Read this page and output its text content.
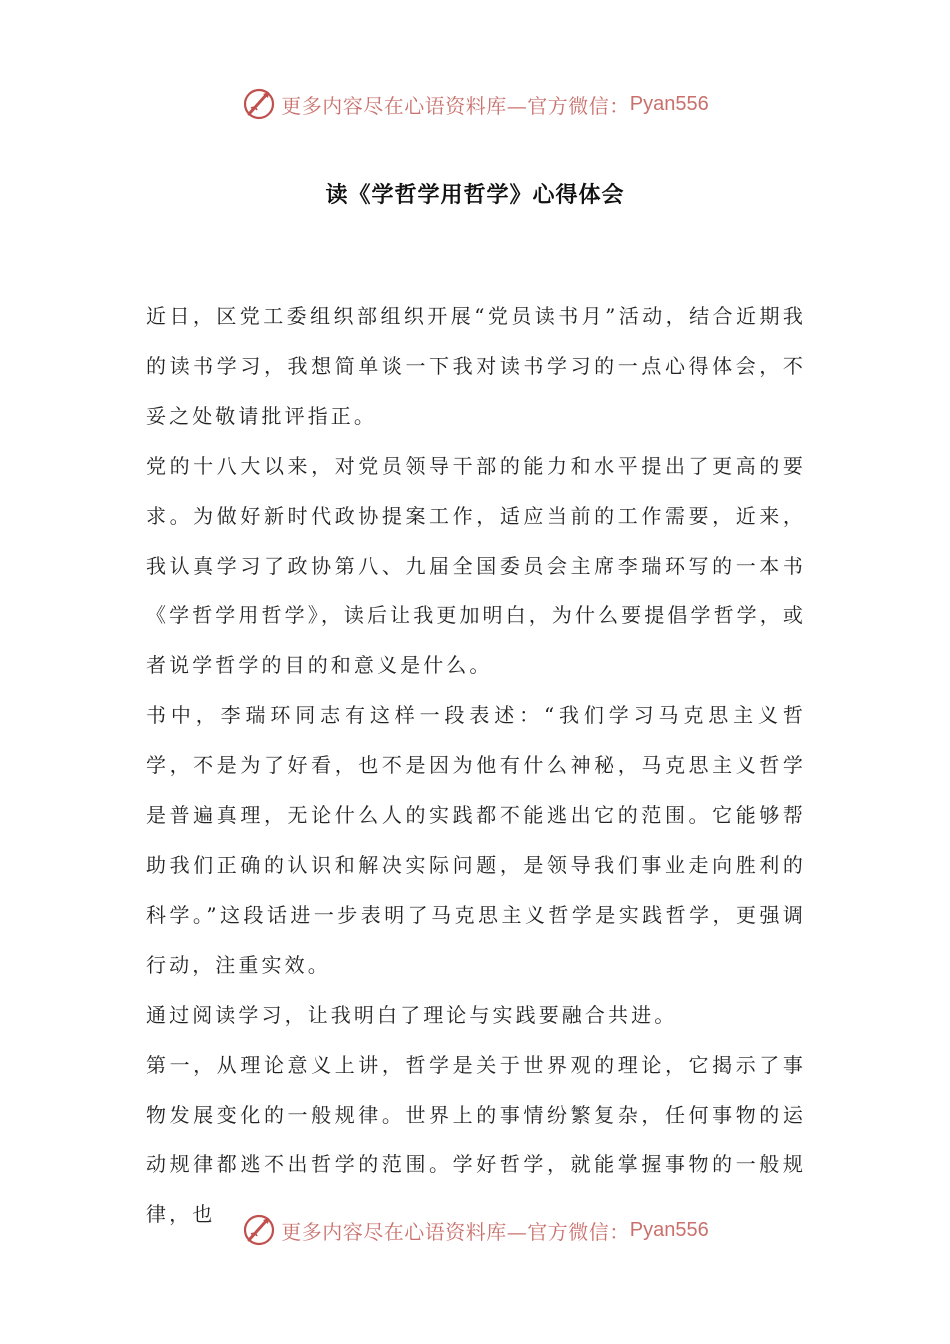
更多内容尽在心语资料库—官方微信： Pyan556
读《学哲学用哲学》心得体会

近日，区党工委组织部组织开展“党员读书月”活动，结合近期我的读书学习，我想简单谈一下我对读书学习的一点心得体会，不妥之处敬请批评指正。

党的十八大以来，对党员领导干部的能力和水平提出了更高的要求。为做好新时代政协提案工作，适应当前的工作需要，近来，我认真学习了政协第八、九届全国委员会主席李瑞环写的一本书《学哲学用哲学》，读后让我更加明白，为什么要提倡学哲学，或者说学哲学的目的和意义是什么。

书中，李瑞环同志有这样一段表述：“我们学习马克思主义哲学，不是为了好看，也不是因为他有什么神秘，马克思主义哲学是普遍真理，无论什么人的实践都不能逃出它的范围。它能够帮助我们正确的认识和解决实际问题，是领导我们事业走向胜利的科学。”这段话进一步表明了马克思主义哲学是实践哲学，更强调行动，注重实效。

通过阅读学习，让我明白了理论与实践要融合共进。

第一，从理论意义上讲，哲学是关于世界观的理论，它揭示了事物发展变化的一般规律。世界上的事情纷繁复杂，任何事物的运动规律都逃不出哲学的范围。学好哲学，就能掌握事物的一般规律，也

更多内容尽在心语资料库—官方微信： Pyan556
